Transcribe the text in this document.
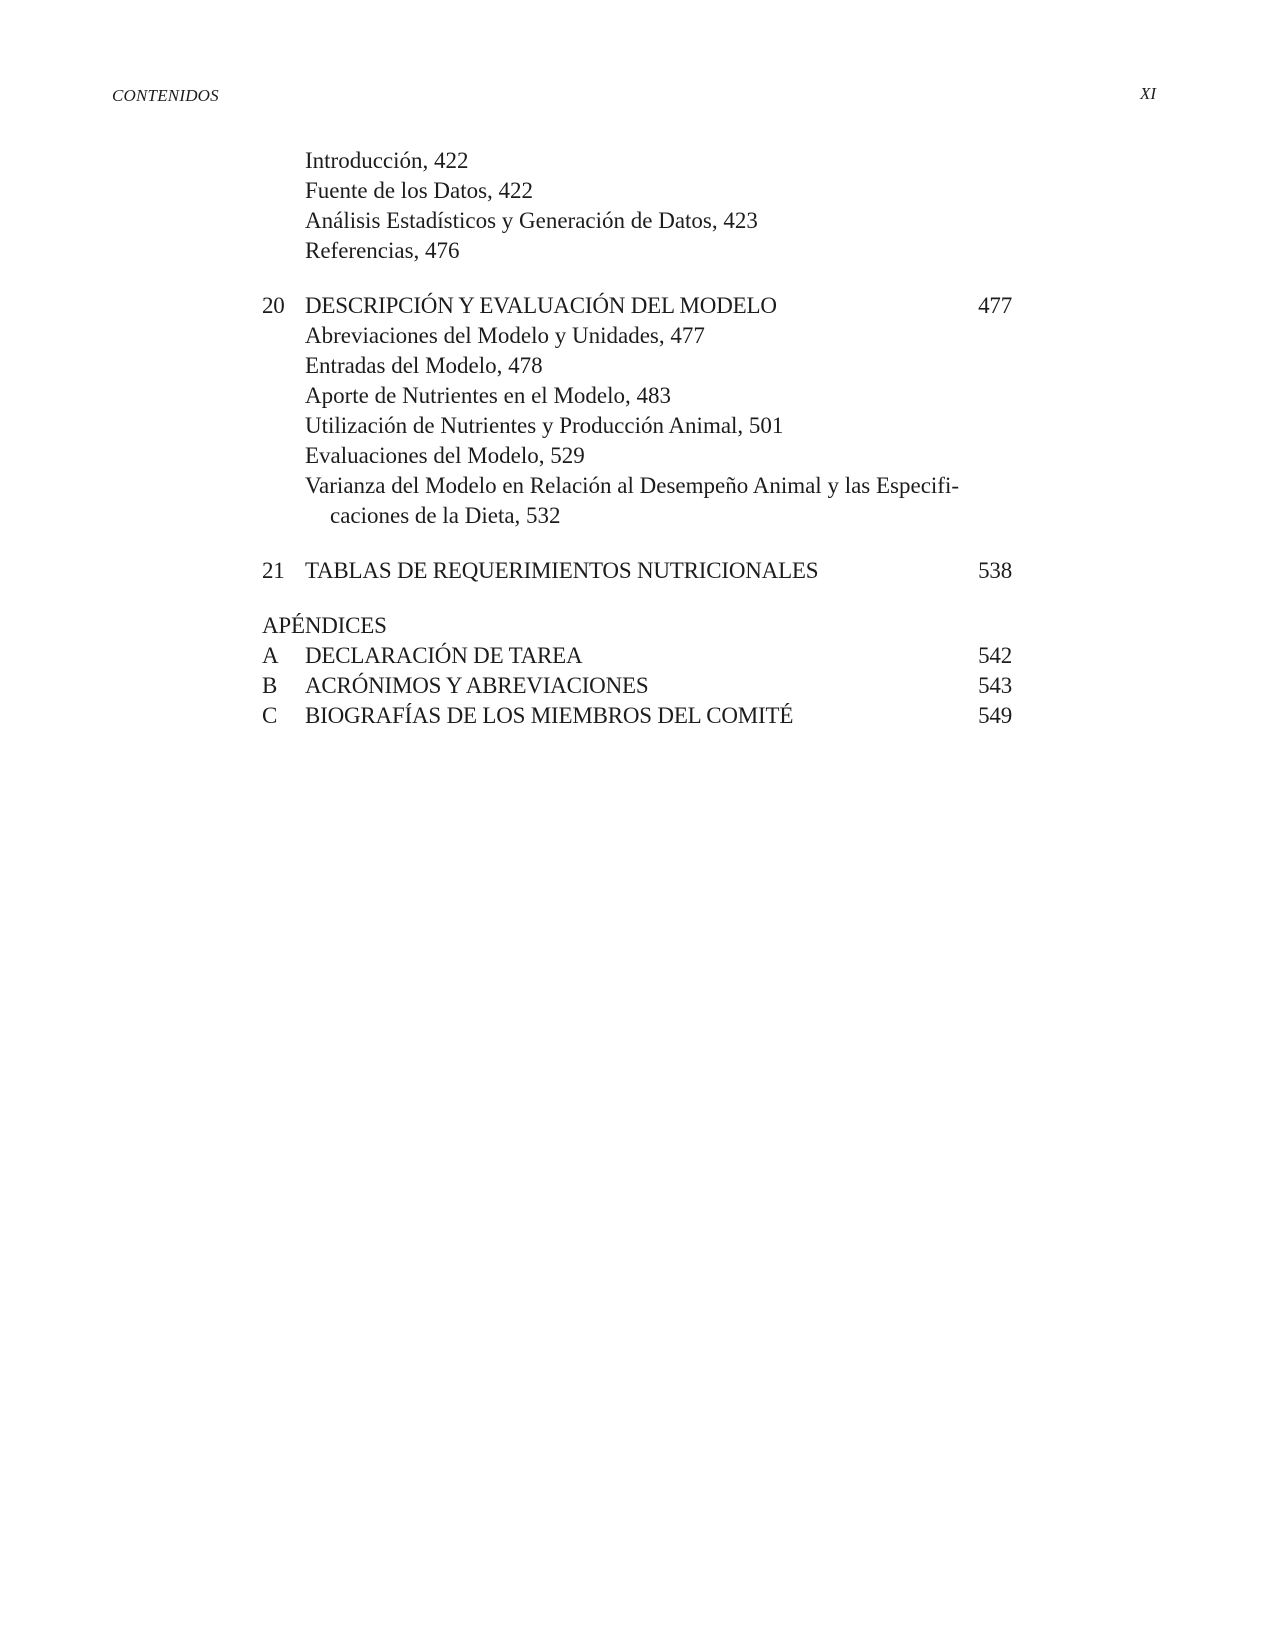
CONTENIDOS	XI
Introducción, 422
Fuente de los Datos, 422
Análisis Estadísticos y Generación de Datos, 423
Referencias, 476
20 DESCRIPCIÓN Y EVALUACIÓN DEL MODELO	477
Abreviaciones del Modelo y Unidades, 477
Entradas del Modelo, 478
Aporte de Nutrientes en el Modelo, 483
Utilización de Nutrientes y Producción Animal, 501
Evaluaciones del Modelo, 529
Varianza del Modelo en Relación al Desempeño Animal y las Especifi-
caciones de la Dieta, 532
21 TABLAS DE REQUERIMIENTOS NUTRICIONALES	538
APÉNDICES
A DECLARACIÓN DE TAREA	542
B ACRÓNIMOS Y ABREVIACIONES	543
C BIOGRAFÍAS DE LOS MIEMBROS DEL COMITÉ	549
